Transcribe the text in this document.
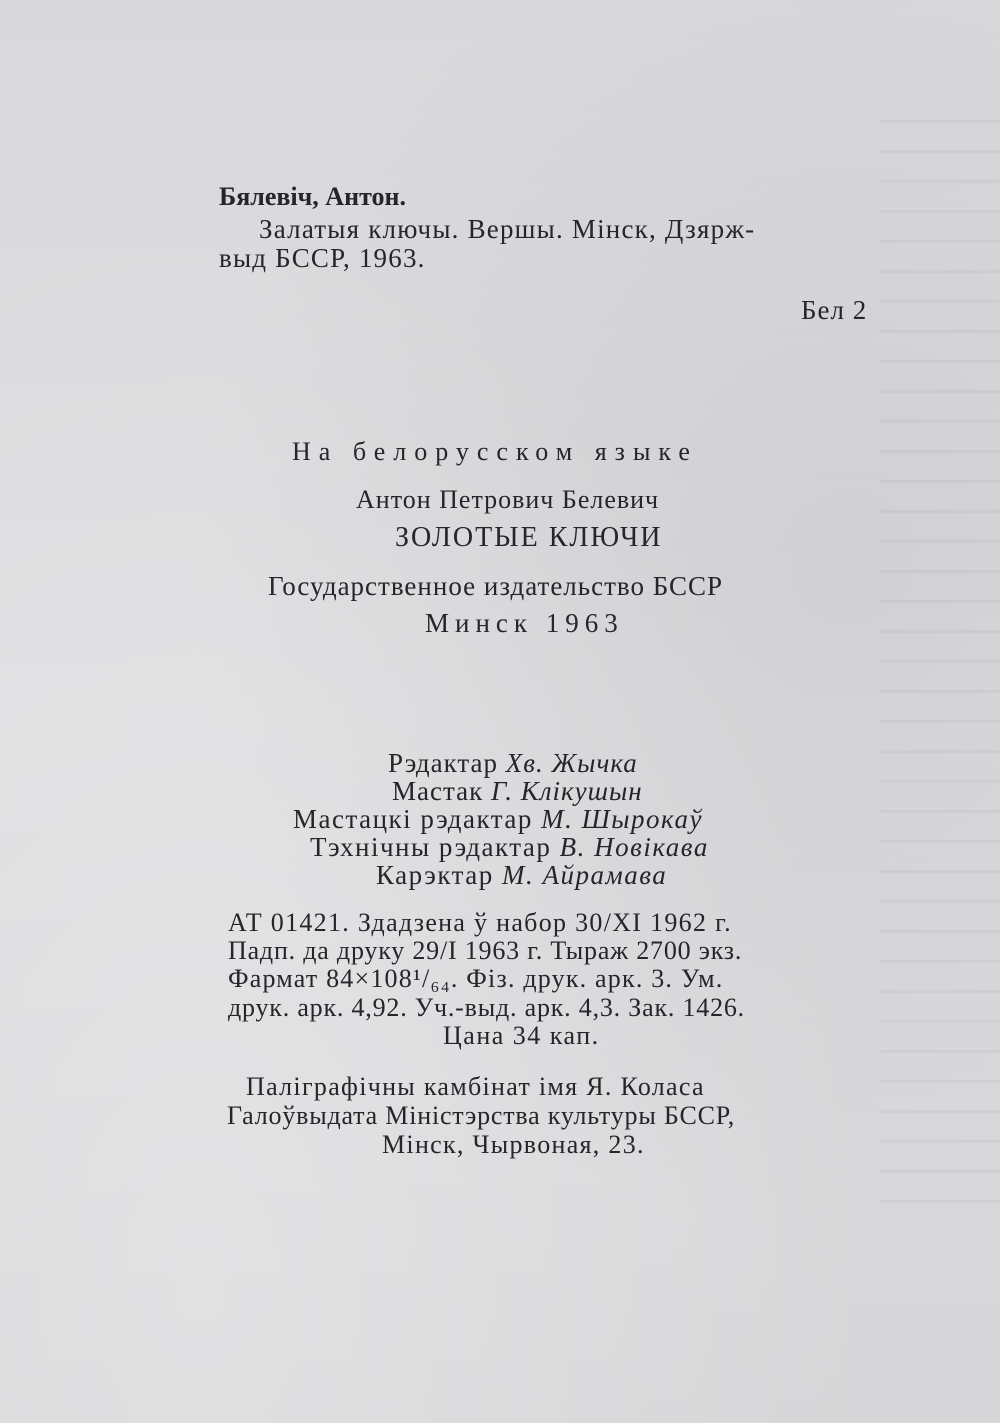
Бялевіч, Антон.
Залатыя ключы. Вершы. Мінск, Дзярж-
выд БССР, 1963.
Бел 2
На белорусском языке
Антон Петрович Белевич
ЗОЛОТЫЕ КЛЮЧИ
Государственное издательство БССР
Минск 1963
Рэдактар Хв. Жычка
Мастак Г. Клікушын
Мастацкі рэдактар М. Шырокаў
Тэхнічны рэдактар В. Новікава
Карэктар М. Айрамава
АТ 01421. Здадзена ў набор 30/XI 1962 г.
Падп. да друку 29/I 1963 г. Тыраж 2700 экз.
Фармат 84×108¹/₆₄. Фіз. друк. арк. 3. Ум.
друк. арк. 4,92. Уч.-выд. арк. 4,3. Зак. 1426.
Цана 34 кап.
Паліграфічны камбінат імя Я. Коласа
Галоўвыдата Міністэрства культуры БССР,
Мінск, Чырвоная, 23.
